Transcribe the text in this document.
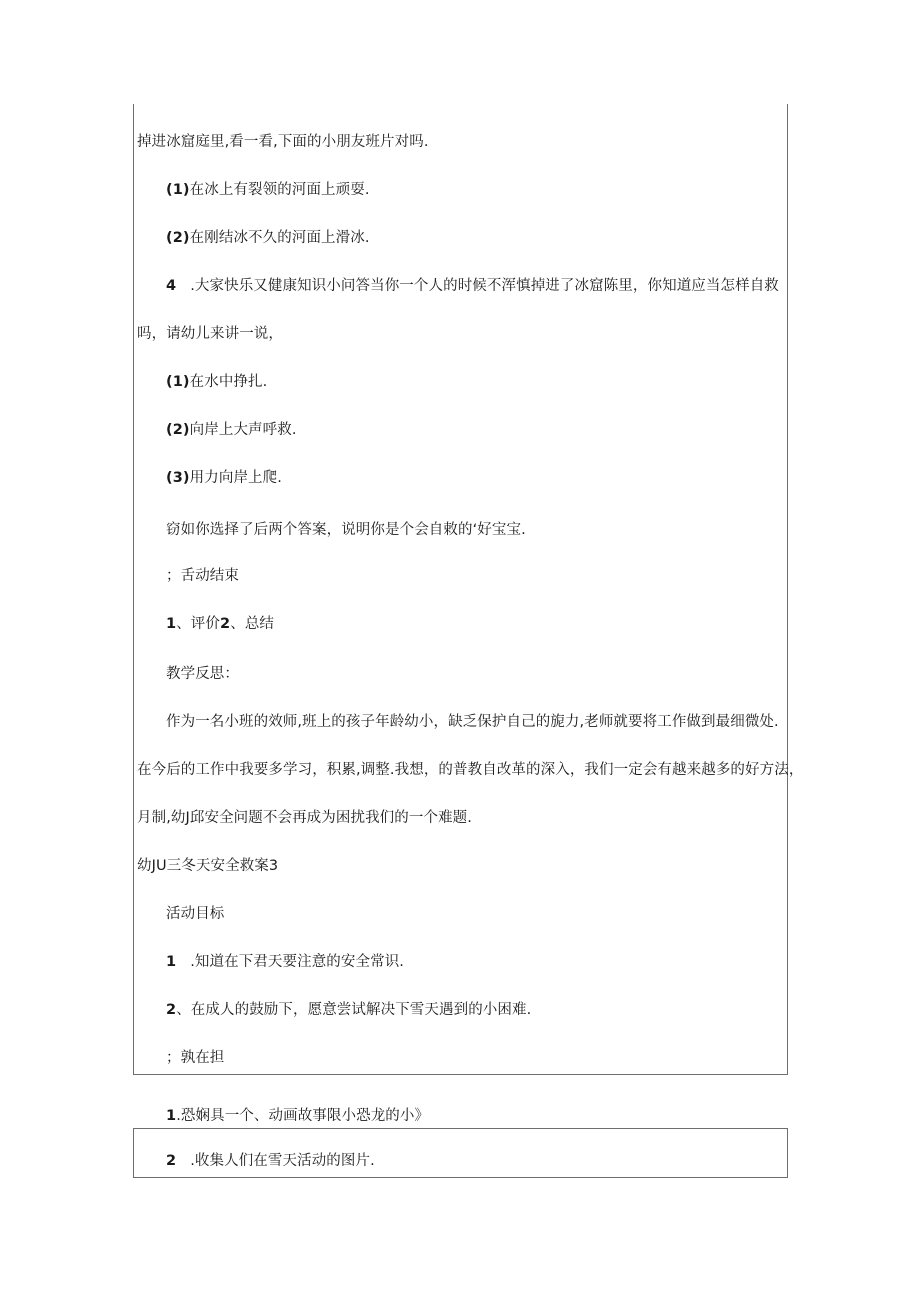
掉进冰窟庭里,看一看,下面的小朋友班片对吗.
(1)在冰上有裂领的河面上顽耍.
(2)在刚结冰不久的河面上滑冰.
4 .大家快乐又健康知识小问答当你一个人的时候不浑慎掉进了冰窟陈里，你知道应当怎样自救
吗，请幼儿来讲一说，
(1)在水中挣扎.
(2)向岸上大声呼救.
(3)用力向岸上爬.
窃如你选择了后两个答案，说明你是个会自敕的‘好宝宝.
；舌动结束
1、评价2、总结
教学反思：
作为一名小班的效师,班上的孩子年龄幼小，缺乏保护自己的旎力,老师就要将工作做到最细微处.
在今后的工作中我要多学习，积累,调整.我想，的普教自改革的深入，我们一定会有越来越多的好方法，
月制,幼J邱安全问题不会再成为困扰我们的一个难题.
幼JU三冬天安全救案3
活动目标
1 .知道在下君天要注意的安全常识.
2、在成人的鼓励下，愿意尝试解决下雪天遇到的小困难.
；孰在担
1.恐娴具一个、动画故事限小恐龙的小》
2 .收集人们在雪天活动的图片.
